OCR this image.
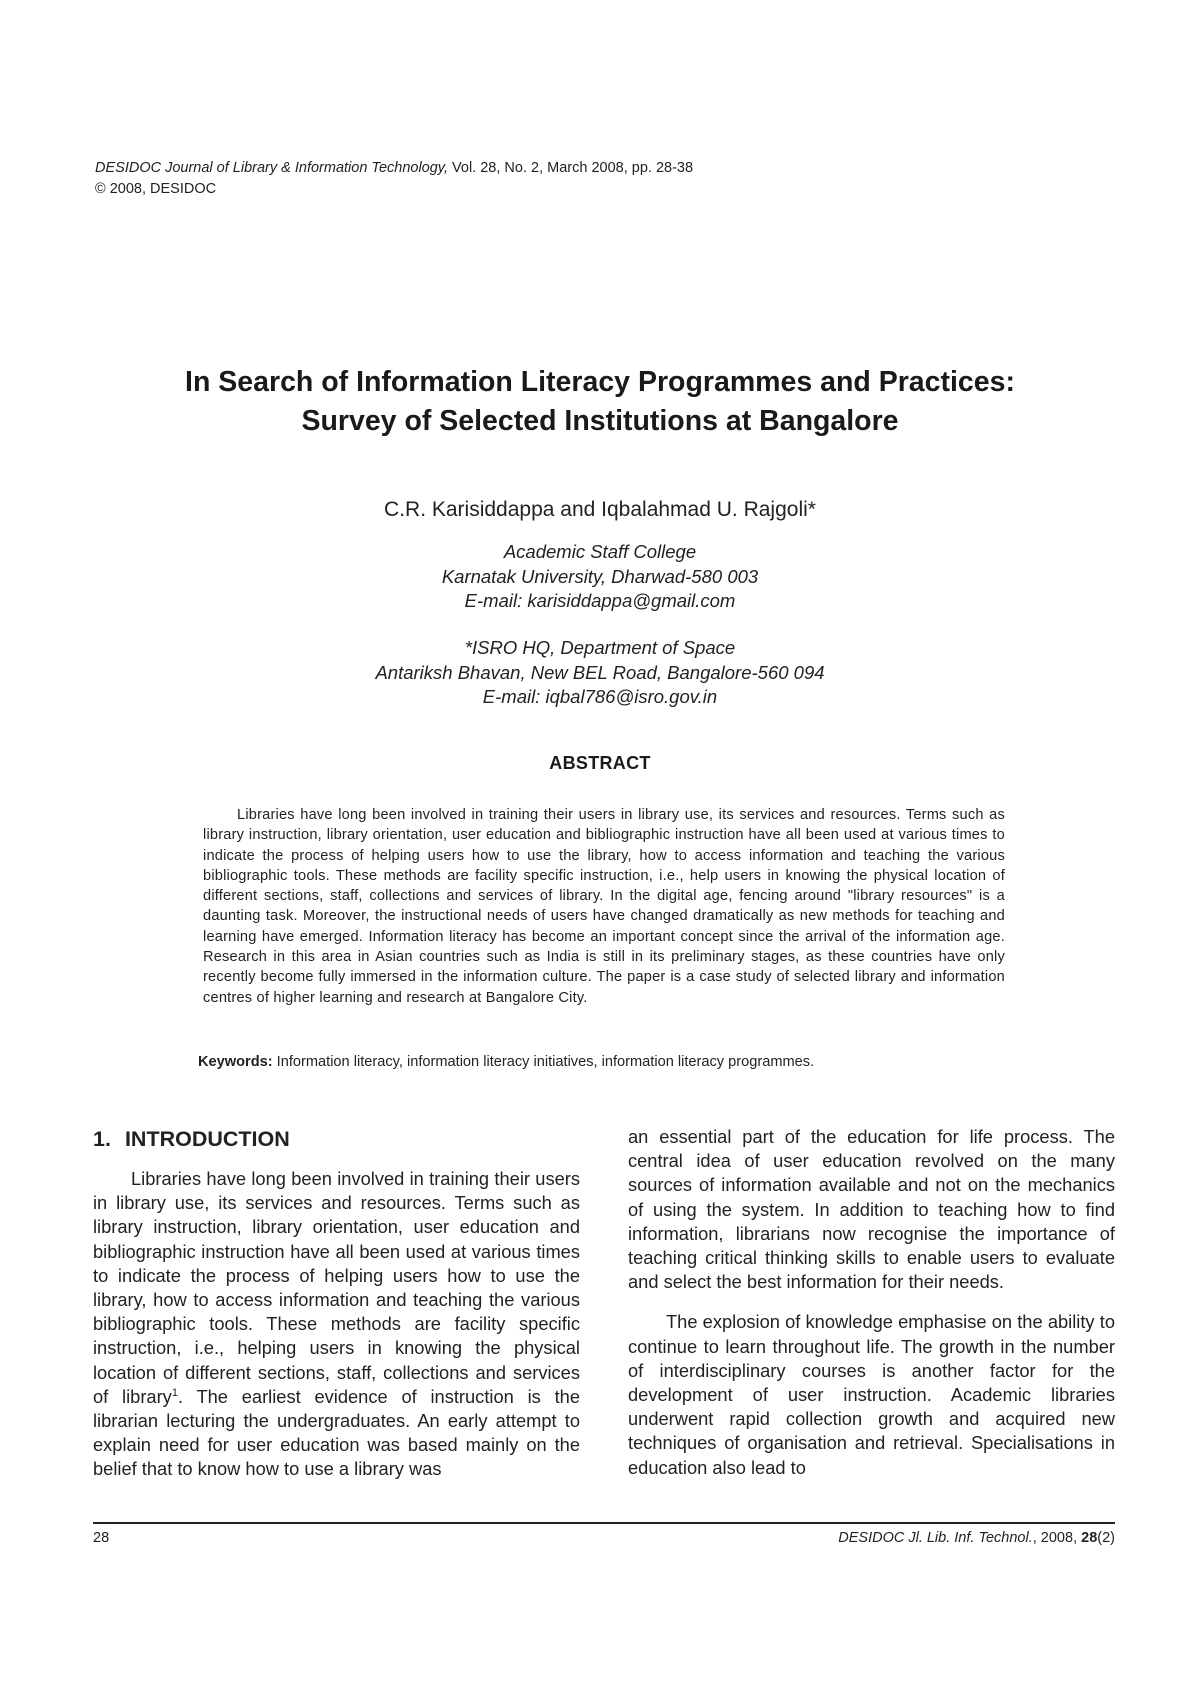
DESIDOC Journal of Library & Information Technology, Vol. 28, No. 2, March 2008, pp. 28-38
© 2008, DESIDOC
In Search of Information Literacy Programmes and Practices:
Survey of Selected Institutions at Bangalore
C.R. Karisiddappa and Iqbalahmad U. Rajgoli*
Academic Staff College
Karnatak University, Dharwad-580 003
E-mail: karisiddappa@gmail.com
*ISRO HQ, Department of Space
Antariksh Bhavan, New BEL Road, Bangalore-560 094
E-mail: iqbal786@isro.gov.in
ABSTRACT

Libraries have long been involved in training their users in library use, its services and resources. Terms such as library instruction, library orientation, user education and bibliographic instruction have all been used at various times to indicate the process of helping users how to use the library, how to access information and teaching the various bibliographic tools. These methods are facility specific instruction, i.e., help users in knowing the physical location of different sections, staff, collections and services of library. In the digital age, fencing around "library resources" is a daunting task. Moreover, the instructional needs of users have changed dramatically as new methods for teaching and learning have emerged. Information literacy has become an important concept since the arrival of the information age. Research in this area in Asian countries such as India is still in its preliminary stages, as these countries have only recently become fully immersed in the information culture. The paper is a case study of selected library and information centres of higher learning and research at Bangalore City.

Keywords: Information literacy, information literacy initiatives, information literacy programmes.
1. INTRODUCTION

Libraries have long been involved in training their users in library use, its services and resources. Terms such as library instruction, library orientation, user education and bibliographic instruction have all been used at various times to indicate the process of helping users how to use the library, how to access information and teaching the various bibliographic tools. These methods are facility specific instruction, i.e., helping users in knowing the physical location of different sections, staff, collections and services of library$^1$. The earliest evidence of instruction is the librarian lecturing the undergraduates. An early attempt to explain need for user education was based mainly on the belief that to know how to use a library was

an essential part of the education for life process. The central idea of user education revolved on the many sources of information available and not on the mechanics of using the system. In addition to teaching how to find information, librarians now recognise the importance of teaching critical thinking skills to enable users to evaluate and select the best information for their needs.

The explosion of knowledge emphasise on the ability to continue to learn throughout life. The growth in the number of interdisciplinary courses is another factor for the development of user instruction. Academic libraries underwent rapid collection growth and acquired new techniques of organisation and retrieval. Specialisations in education also lead to

28	DESIDOC Jl. Lib. Inf. Technol., 2008, 28(2)
